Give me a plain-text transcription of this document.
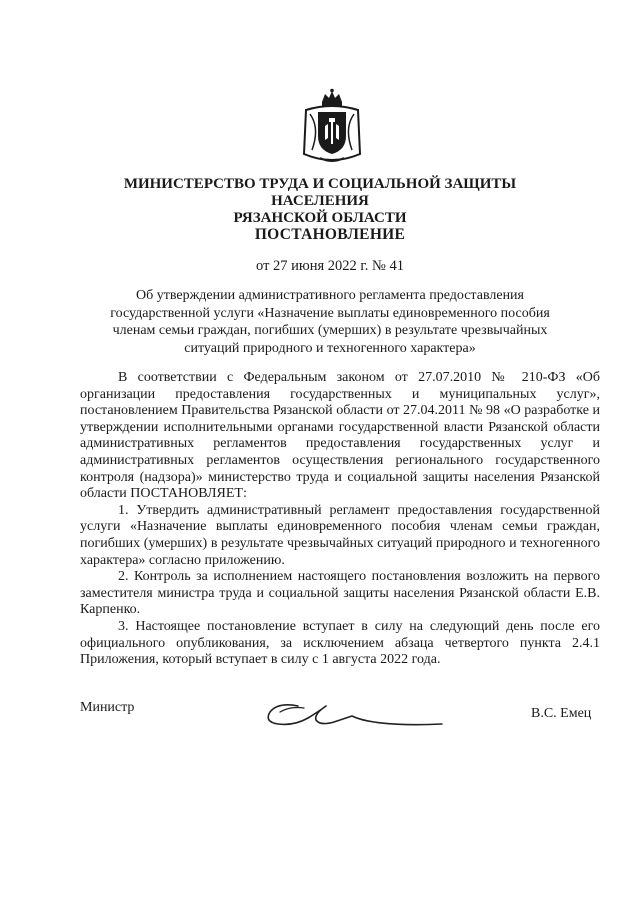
МИНИСТЕРСТВО ТРУДА И СОЦИАЛЬНОЙ ЗАЩИТЫ НАСЕЛЕНИЯ
РЯЗАНСКОЙ ОБЛАСТИ
ПОСТАНОВЛЕНИЕ
от 27 июня 2022 г. № 41
Об утверждении административного регламента предоставления
государственной услуги «Назначение выплаты единовременного пособия
членам семьи граждан, погибших (умерших) в результате чрезвычайных
ситуаций природного и техногенного характера»

В соответствии с Федеральным законом от 27.07.2010 № 210-ФЗ «Об организации предоставления государственных и муниципальных услуг», постановлением Правительства Рязанской области от 27.04.2011 № 98 «О разработке и утверждении исполнительными органами государственной власти Рязанской области административных регламентов предоставления государственных услуг и административных регламентов осуществления регионального государственного контроля (надзора)» министерство труда и социальной защиты населения Рязанской области ПОСТАНОВЛЯЕТ:

1. Утвердить административный регламент предоставления государственной услуги «Назначение выплаты единовременного пособия членам семьи граждан, погибших (умерших) в результате чрезвычайных ситуаций природного и техногенного характера» согласно приложению.

2. Контроль за исполнением настоящего постановления возложить на первого заместителя министра труда и социальной защиты населения Рязанской области Е.В. Карпенко.

3. Настоящее постановление вступает в силу на следующий день после его официального опубликования, за исключением абзаца четвертого пункта 2.4.1 Приложения, который вступает в силу с 1 августа 2022 года.

Министр	В.С. Емец
